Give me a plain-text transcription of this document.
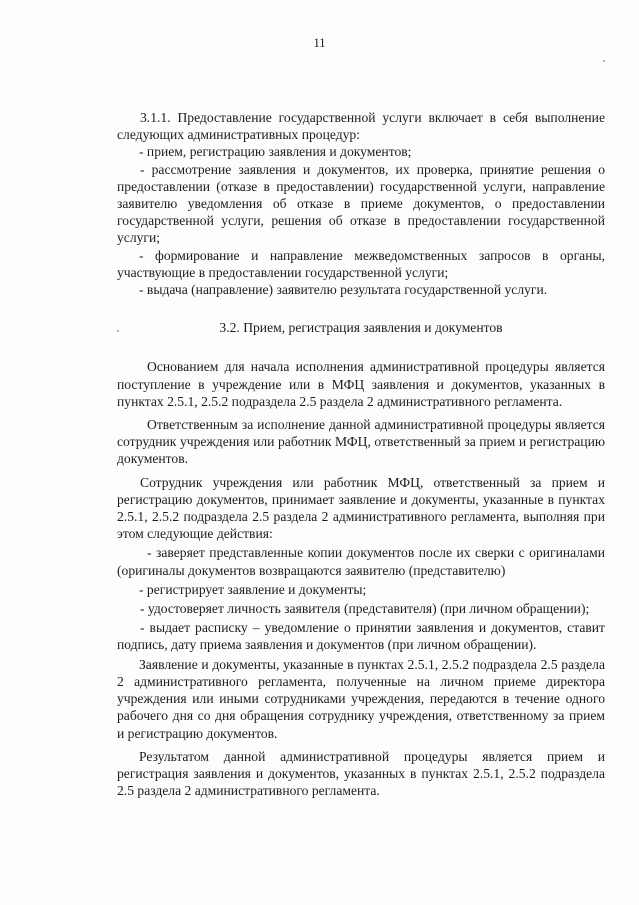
11

3.1.1. Предоставление государственной услуги включает в себя выполнение следующих административных процедур:

- прием, регистрацию заявления и документов;

- рассмотрение заявления и документов, их проверка, принятие решения о предоставлении (отказе в предоставлении) государственной услуги, направление заявителю уведомления об отказе в приеме документов, о предоставлении государственной услуги, решения об отказе в предоставлении государственной услуги;

- формирование и направление межведомственных запросов в органы, участвующие в предоставлении государственной услуги;

- выдача (направление) заявителю результата государственной услуги.

3.2. Прием, регистрация заявления и документов

Основанием для начала исполнения административной процедуры является поступление в учреждение или в МФЦ заявления и документов, указанных в пунктах 2.5.1, 2.5.2 подраздела 2.5 раздела 2 административного регламента.

Ответственным за исполнение данной административной процедуры является сотрудник учреждения или работник МФЦ, ответственный за прием и регистрацию документов.

Сотрудник учреждения или работник МФЦ, ответственный за прием и регистрацию документов, принимает заявление и документы, указанные в пунктах 2.5.1, 2.5.2 подраздела 2.5 раздела 2 административного регламента, выполняя при этом следующие действия:

- заверяет представленные копии документов после их сверки с оригиналами (оригиналы документов возвращаются заявителю (представителю)

- регистрирует заявление и документы;

- удостоверяет личность заявителя (представителя) (при личном обращении);

- выдает расписку – уведомление о принятии заявления и документов, ставит подпись, дату приема заявления и документов (при личном обращении).

Заявление и документы, указанные в пунктах 2.5.1, 2.5.2 подраздела 2.5 раздела 2 административного регламента, полученные на личном приеме директора учреждения или иными сотрудниками учреждения, передаются в течение одного рабочего дня со дня обращения сотруднику учреждения, ответственному за прием и регистрацию документов.

Результатом данной административной процедуры является прием и регистрация заявления и документов, указанных в пунктах 2.5.1, 2.5.2 подраздела 2.5 раздела 2 административного регламента.
